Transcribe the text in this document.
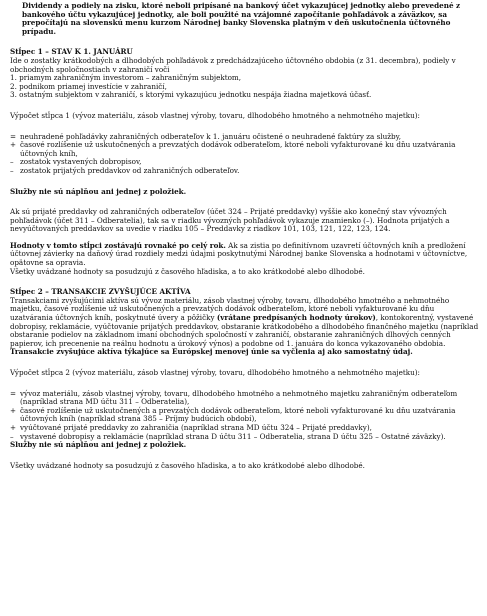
Dividendy a podiely na zisku, ktoré neboli pripísané na bankový účet vykazujúcej jednotky alebo prevedené z bankového účtu vykazujúcej jednotky, ale boli použité na vzájomné započítanie pohľadávok a záväzkov, sa prepočítajú na slovenskú menu kurzom Národnej banky Slovenska platným v deň uskutočnenia účtovného prípadu.

Stĺpec 1 – STAV K 1. JANUÁRU
Ide o zostatky krátkodobých a dlhodobých pohľadávok z predchádzajúceho účtovného obdobia (z 31. decembra), podiely v obchodných spoločnostiach v zahraničí voči
1. priamym zahraničným investorom – zahraničným subjektom,
2. podnikom priamej investície v zahraničí,
3. ostatným subjektom v zahraničí, s ktorými vykazujúcu jednotku nespája žiadna majetková účasť.
Výpočet stĺpca 1 (vývoz materiálu, zásob vlastnej výroby, tovaru, dlhodobého hmotného a nehmotného majetku):
= neuhradené pohľadávky zahraničných odberateľov k 1. januáru očistené o neuhradené faktúry za služby,
+ časové rozlíšenie už uskutočnených a prevzatých dodávok odberateľom, ktoré neboli vyfakturované ku dňu uzatvárania účtovných kníh,
– zostatok vystavených dobropisov,
– zostatok prijatých preddavkov od zahraničných odberateľov.
Služby nie sú náplňou ani jednej z položiek.
Ak sú prijaté preddavky od zahraničných odberateľov (účet 324 – Prijaté preddavky) vyššie ako konečný stav vývozných pohľadávok (účet 311 – Odberatelia), tak sa v riadku vývozných pohľadávok vykazuje znamienko (–). Hodnota prijatých a nevyúčtovaných preddavkov sa uvedie v riadku 105 – Preddavky z riadkov 101, 103, 121, 122, 123, 124.
Hodnoty v tomto stĺpci zostávajú rovnaké po celý rok. Ak sa zistia po definitívnom uzavretí účtovných kníh a predložení účtovnej závierky na daňový úrad rozdiely medzi údajmi poskytnutými Národnej banke Slovenska a hodnotami v účtovníctve, opätovne sa opravia.
Všetky uvádzané hodnoty sa posudzujú z časového hľadiska, a to ako krátkodobé alebo dlhodobé.
Stĺpec 2 – TRANSAKCIE ZVYŠUJÚCE AKTÍVA
Transakciami zvyšujúcimi aktíva sú vývoz materiálu, zásob vlastnej výroby, tovaru, dlhodobého hmotného a nehmotného majetku, časové rozlíšenie už uskutočnených a prevzatých dodávok odberateľom, ktoré neboli vyfakturované ku dňu uzatvárania účtovných kníh, poskytnuté úvery a pôžičky (vrátane predpísaných hodnoty úrokov), kontokorentný, vystavené dobropisy, reklamácie, vyúčtovanie prijatých preddavkov, obstaranie krátkodobého a dlhodobého finančného majetku (napríklad obstaranie podielov na základnom imaní obchodných spoločností v zahraničí, obstaranie zahraničných dlhových cenných papierov, ich precenenie na reálnu hodnotu a úrokový výnos) a podobne od 1. januára do konca vykazovaného obdobia.
Transakcie zvyšujúce aktíva týkajúce sa Európskej menovej únie sa vyčlenia aj ako samostatný údaj.
Výpočet stĺpca 2 (vývoz materiálu, zásob vlastnej výroby, tovaru, dlhodobého hmotného a nehmotného majetku):
= vývoz materiálu, zásob vlastnej výroby, tovaru, dlhodobého hmotného a nehmotného majetku zahraničným odberateľom (napríklad strana MD účtu 311 – Odberatelia),
+ časové rozlíšenie už uskutočnených a prevzatých dodávok odberateľom, ktoré neboli vyfakturované ku dňu uzatvárania účtovných kníh (napríklad strana 385 – Príjmy budúcich období),
+ vyúčtované prijaté preddavky zo zahraničia (napríklad strana MD účtu 324 – Prijaté preddavky),
– vystavené dobropisy a reklamácie (napríklad strana D účtu 311 – Odberatelia, strana D účtu 325 – Ostatné záväzky).
Služby nie sú náplňou ani jednej z položiek.
Všetky uvádzané hodnoty sa posudzujú z časového hľadiska, a to ako krátkodobé alebo dlhodobé.
